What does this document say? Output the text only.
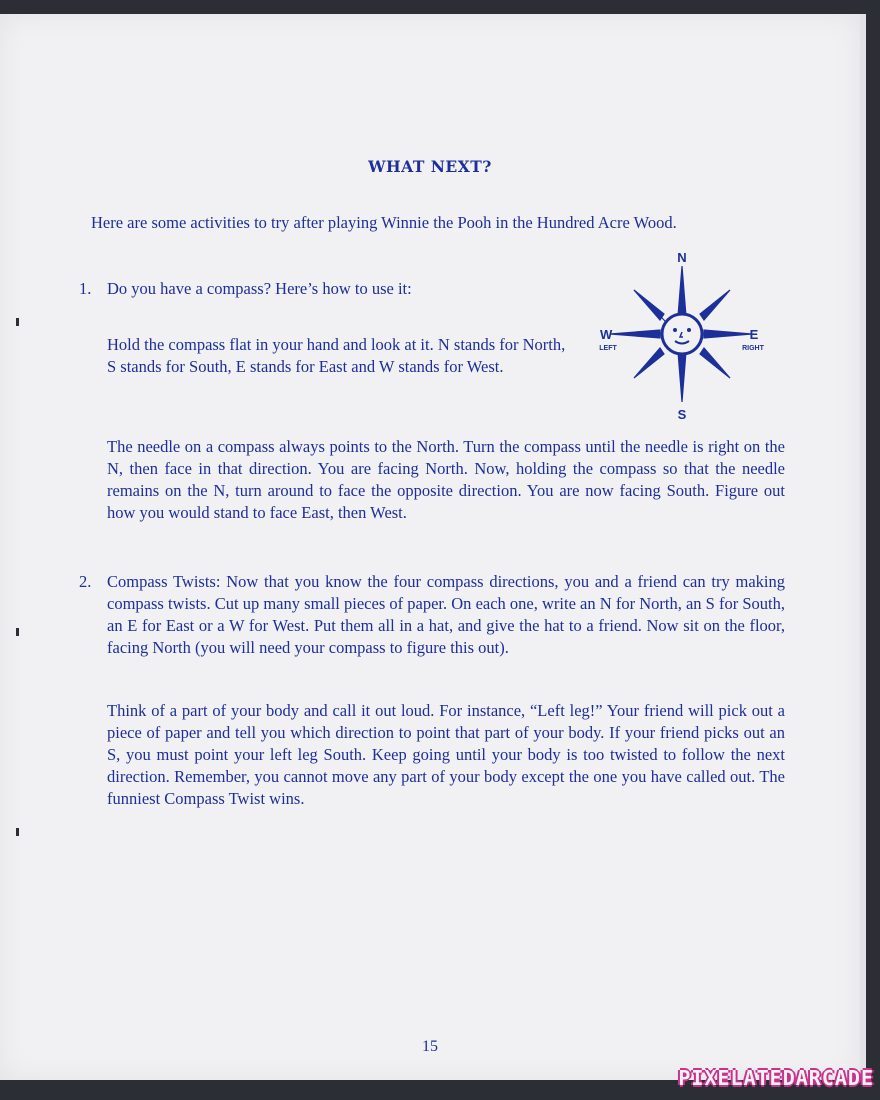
WHAT NEXT?
Here are some activities to try after playing Winnie the Pooh in the Hundred Acre Wood.
1. Do you have a compass? Here’s how to use it:
Hold the compass flat in your hand and look at it. N stands for North, S stands for South, E stands for East and W stands for West.
N
S
W	E
LEFT	RIGHT
The needle on a compass always points to the North. Turn the compass until the needle is right on the N, then face in that direction. You are facing North. Now, holding the compass so that the needle remains on the N, turn around to face the opposite direction. You are now facing South. Figure out how you would stand to face East, then West.
2. Compass Twists: Now that you know the four compass directions, you and a friend can try making compass twists. Cut up many small pieces of paper. On each one, write an N for North, an S for South, an E for East or a W for West. Put them all in a hat, and give the hat to a friend. Now sit on the floor, facing North (you will need your compass to figure this out).
Think of a part of your body and call it out loud. For instance, “Left leg!” Your friend will pick out a piece of paper and tell you which direction to point that part of your body. If your friend picks out an S, you must point your left leg South. Keep going until your body is too twisted to follow the next direction. Remember, you cannot move any part of your body except the one you have called out. The funniest Compass Twist wins.
15
PIXELATEDARCADE
